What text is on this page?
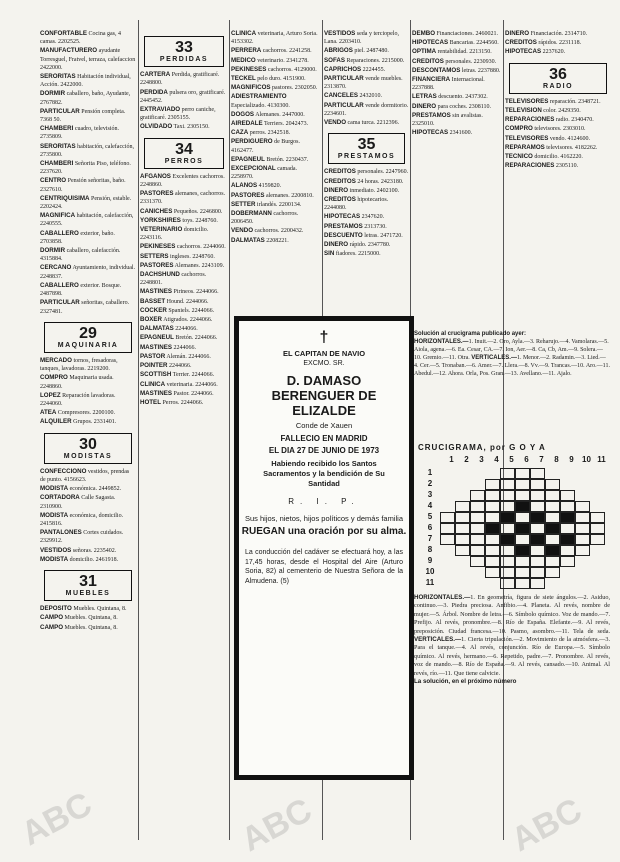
CONFORTABLE Cocina gas, 4 camas. 2202525.

MANUFACTURERO ayudante Torresguel, Fratvel, terraza, calefaccion 2422000.

SERORITAS Habitación individual, Acción. 2422000.

DORMIR caballero, baño, Ayudante, 2767882.

PARTICULAR Pensión completa. 7368 50.

CHAMBERI cuadro, televisión. 2735809.

SERORITAS habitación, calefacción, 2735800.

CHAMBERI Señorita Piso, teléfono. 2237620.

CENTRO Pensión señoritas, baño. 2327610.

CENTRIQUISIMA Pensión, estable. 2202424.

MAGNIFICA habitación, calefacción, 2240555.

CABALLERO exterior, baño. 2703858.

DORMIR caballero, calefacción. 4315884.

CERCANO Ayuntamiento, individual. 2248837.

CABALLERO exterior. Bosque. 2487898.

PARTICULAR señoritas, caballero. 2327481.

29
MAQUINARIA

MERCADO tornos, fresadoras, tanques, lavadoras. 2219200.

COMPRO Maquinaria usada. 2248860.

LOPEZ Reparación lavadoras. 2244060.

ATEA Compresores. 2200100.

ALQUILER Grupos. 2331401.

30
MODISTAS

CONFECCIONO vestidos, prendas de punto. 4156623.

MODISTA económica. 2449852.

CORTADORA Calle Sagasta. 2310900.

MODISTA económica, domicilio. 2415816.

PANTALONES Cortes cuidados. 2329912.

VESTIDOS señoras. 2235402.

MODISTA domicilio. 2461918.

31
MUEBLES

DEPOSITO Muebles. Quintana, 8.

CAMPO Muebles. Quintana, 8.

CAMPO Muebles. Quintana, 8.

33
PERDIDAS

CARTERA Perdida, gratificaré. 2248800.

PERDIDA pulsera oro, gratificaré. 2445452.

EXTRAVIADO perro caniche, gratificaré. 2305155.

OLVIDADO Taxi. 2305150.

34
PERROS

AFGANOS Excelentes cachorros. 2248860.

PASTORES alemanes, cachorros. 2331370.

CANICHES Pequeños. 2246800.

YORKSHIRES toys. 2248760.

VETERINARIO domicilio. 2243116.

PEKINESES cachorros. 2244060.

SETTERS ingleses. 2248760.

PASTORES Alemanes. 2243109.

DACHSHUND cachorros. 2248801.

MASTINES Pirineos. 2244066.

BASSET Hound. 2244066.

COCKER Spaniels. 2244066.

BOXER Atigrados. 2244066.

DALMATAS 2244066.

EPAGNEUL Bretón. 2244066.

MASTINES 2244066.

PASTOR Alemán. 2244066.

POINTER 2244066.

SCOTTISH Terrier. 2244066.

CLINICA veterinaria. 2244066.

MASTINES Pastor. 2244066.

HOTEL Perros. 2244066.

CLINICA veterinaria, Arturo Soria. 4153302.

PERRERA cachorros. 2241258.

MEDICO veterinario. 2341278.

PEKINESES cachorros. 4129000.

TECKEL pelo duro. 4151900.

MAGNIFICOS pastores. 2302050.

ADIESTRAMIENTO Especializado. 4130300.

DOGOS Alemanes. 2447000.

AIREDALE Terriers. 2042473.

CAZA perros. 2342518.

PERDIGUERO de Burgos. 4162477.

EPAGNEUL Bretón. 2230437.

EXCEPCIONAL camada. 2258970.

ALANOS 4159820.

PASTORES alemanes. 2200810.

SETTER irlandés. 2200134.

DOBERMANN cachorros. 2006450.

VENDO cachorros. 2200432.

DALMATAS 2208221.

VESTIDOS seda y terciopelo, Lana. 2203410.

ABRIGOS piel. 2487480.

SOFAS Reparaciones. 2215000.

CAPRICHOS 2224455.

PARTICULAR vende muebles. 2313870.

CANCELES 2432010.

PARTICULAR vende dormitorio. 2234601.

VENDO cama turca. 2212396.

35
PRESTAMOS

CREDITOS personales. 2247960.

CREDITOS 24 horas. 2423180.

DINERO inmediato. 2402100.

CREDITOS hipotecarios. 2244080.

HIPOTECAS 2347620.

PRESTAMOS 2313730.

DESCUENTO letras. 2471720.

DINERO rápido. 2347780.

SIN fiadores. 2215000.

DEMBO Financiaciones. 2460021.

HIPOTECAS Bancarias. 2244560.

OPTIMA rentabilidad. 2213150.

CREDITOS personales. 2230930.

DESCONTAMOS letras. 2237880.

FINANCIERA Internacional. 2237888.

LETRAS descuento. 2437302.

DINERO para coches. 2308110.

PRESTAMOS sin avalistas. 2325010.

HIPOTECAS 2341600.

DINERO Financiación. 2314710.

CREDITOS rápidos. 2231118.

HIPOTECAS 2237620.

36
RADIO

TELEVISORES reparación. 2348721.

TELEVISION color. 2429350.

REPARACIONES radio. 2340470.

COMPRO televisores. 2303010.

TELEVISORES vendo. 4124600.

REPARAMOS televisores. 4182262.

TECNICO domicilio. 4162220.

REPARACIONES 2305110.

†
EL CAPITAN DE NAVIO
EXCMO. SR.
D. DAMASO BERENGUER DE ELIZALDE
Conde de Xauen
FALLECIO EN MADRID
EL DIA 27 DE JUNIO DE 1973
Habiendo recibido los Santos Sacramentos y la bendición de Su Santidad
R. I. P.
Sus hijos, nietos, hijos políticos y demás familia
RUEGAN una oración por su alma.
La conducción del cadáver se efectuará hoy, a las 17,45 horas, desde el Hospital del Aire (Arturo Soria, 82) al cementerio de Nuestra Señora de la Almudena. (5)
Solución al crucigrama publicado ayer:
HORIZONTALES.—1. Inuit.—2. Oro, Ayla.—3. Reharujo.—4. Vamolaras.—5. Aiola, agena.—6. Ea. Cesar, CA.—7. Ion, Aer.—8. Ca, Cb, Am.—9. Solera.—10. Gremio.—11. Otra. VERTICALES.—1. Menor.—2. Radamin.—3. Lied.—4. Cer.—5. Tronaban.—6. Amer.—7. Llera.—8. Vv.—9. Trancas.—10. Aro.—11. Abedul.—12. Ahora. Orla, Pos. Gran.—13. Avellano.—11. Ajalo.
CRUCIGRAMA, por G O Y A
1	2	3	4	5	6	7	8	9	10 11
1
2
3
4
5
6
7
8
9
10
11
HORIZONTALES.—1. En geometría, figura de siete ángulos.—2. Asiduo, continuo.—3. Piedra preciosa. Anfibio.—4. Planeta. Al revés, nombre de mujer.—5. Árbol. Nombre de letra.—6. Símbolo químico. Voz de mando.—7. Prefijo. Al revés, pronombre.—8. Río de España. Elefante.—9. Al revés, preposición. Ciudad francesa.—10. Pasmo, asombro.—11. Tela de seda. VERTICALES.—1. Cierta tripulación.—2. Movimiento de la atmósfera.—3. Para el tanque.—4. Al revés, conjunción. Río de Europa.—5. Símbolo químico. Al revés, hermano.—6. Repetido, padre.—7. Pronombre. Al revés, voz de mando.—8. Río de España.—9. Al revés, cansado.—10. Animal. Al revés, río.—11. Que tiene calvicie.
La solución, en el próximo número
ABC	ABC	ABC
